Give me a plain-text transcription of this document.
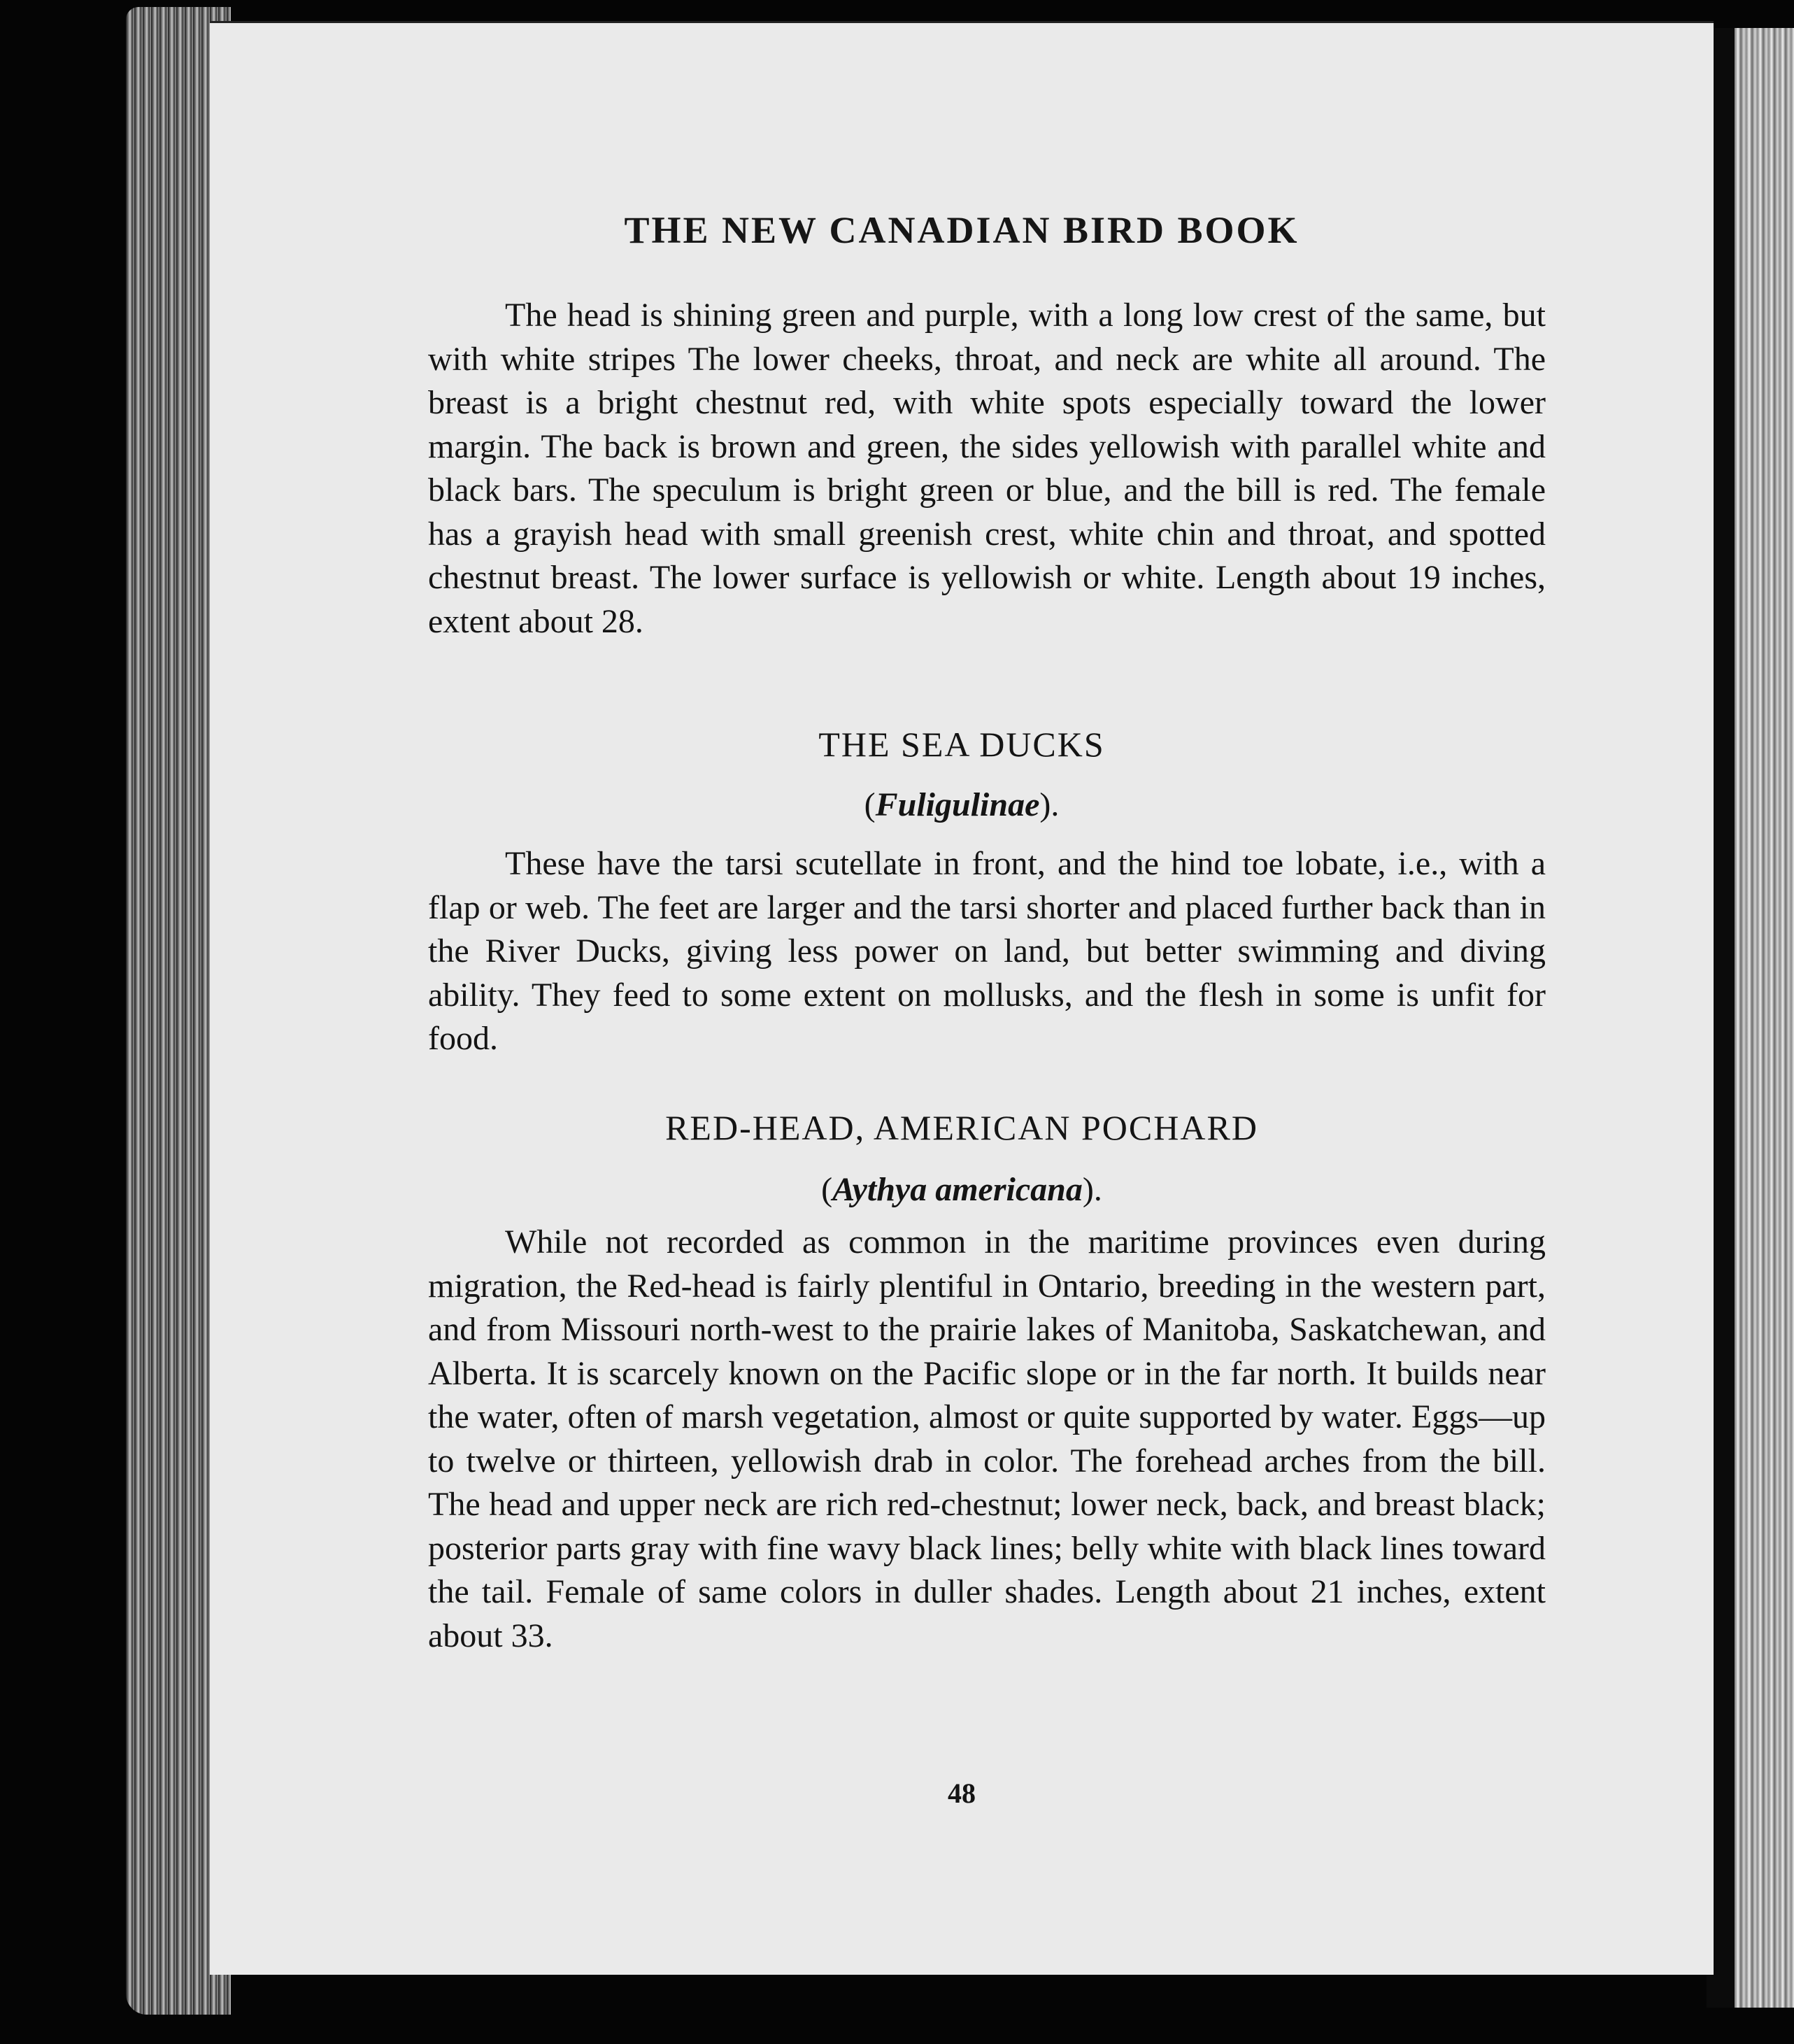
THE NEW CANADIAN BIRD BOOK

The head is shining green and purple, with a long low crest of the same, but with white stripes The lower cheeks, throat, and neck are white all around. The breast is a bright chestnut red, with white spots especially toward the lower margin. The back is brown and green, the sides yellowish with parallel white and black bars. The speculum is bright green or blue, and the bill is red. The female has a grayish head with small greenish crest, white chin and throat, and spotted chestnut breast. The lower surface is yellowish or white. Length about 19 inches, extent about 28.

THE SEA DUCKS

(Fuligulinae).

These have the tarsi scutellate in front, and the hind toe lobate, i.e., with a flap or web. The feet are larger and the tarsi shorter and placed further back than in the River Ducks, giving less power on land, but better swimming and diving ability. They feed to some extent on mollusks, and the flesh in some is unfit for food.

RED-HEAD, AMERICAN POCHARD

(Aythya americana).

While not recorded as common in the maritime provinces even during migration, the Red-head is fairly plentiful in Ontario, breeding in the western part, and from Missouri north-west to the prairie lakes of Manitoba, Saskatchewan, and Alberta. It is scarcely known on the Pacific slope or in the far north. It builds near the water, often of marsh vegetation, almost or quite supported by water. Eggs—up to twelve or thirteen, yellowish drab in color. The forehead arches from the bill. The head and upper neck are rich red-chestnut; lower neck, back, and breast black; posterior parts gray with fine wavy black lines; belly white with black lines toward the tail. Female of same colors in duller shades. Length about 21 inches, extent about 33.

48
